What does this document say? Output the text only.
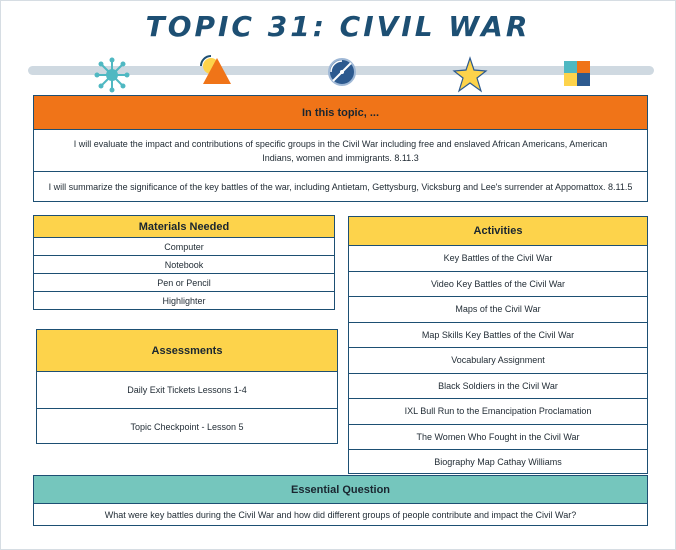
TOPIC 31: CIVIL WAR
In this topic, ...
I will evaluate the impact and contributions of specific groups in the Civil War including free and enslaved African Americans, American Indians, women and immigrants. 8.11.3
I will summarize the significance of the key battles of the war, including Antietam, Gettysburg, Vicksburg and Lee's surrender at Appomattox. 8.11.5
Materials Needed
Computer
Notebook
Pen or Pencil
Highlighter
Assessments
Daily Exit Tickets Lessons 1-4
Topic Checkpoint - Lesson 5
Activities
Key Battles of the Civil War
Video Key Battles of the Civil War
Maps of the Civil War
Map Skills Key Battles of the Civil War
Vocabulary Assignment
Black Soldiers in the Civil War
IXL Bull Run to the Emancipation Proclamation
The Women Who Fought in the Civil War
Biography Map Cathay Williams
Essential Question
What were key battles during the Civil War and how did different groups of people contribute and impact the Civil War?
